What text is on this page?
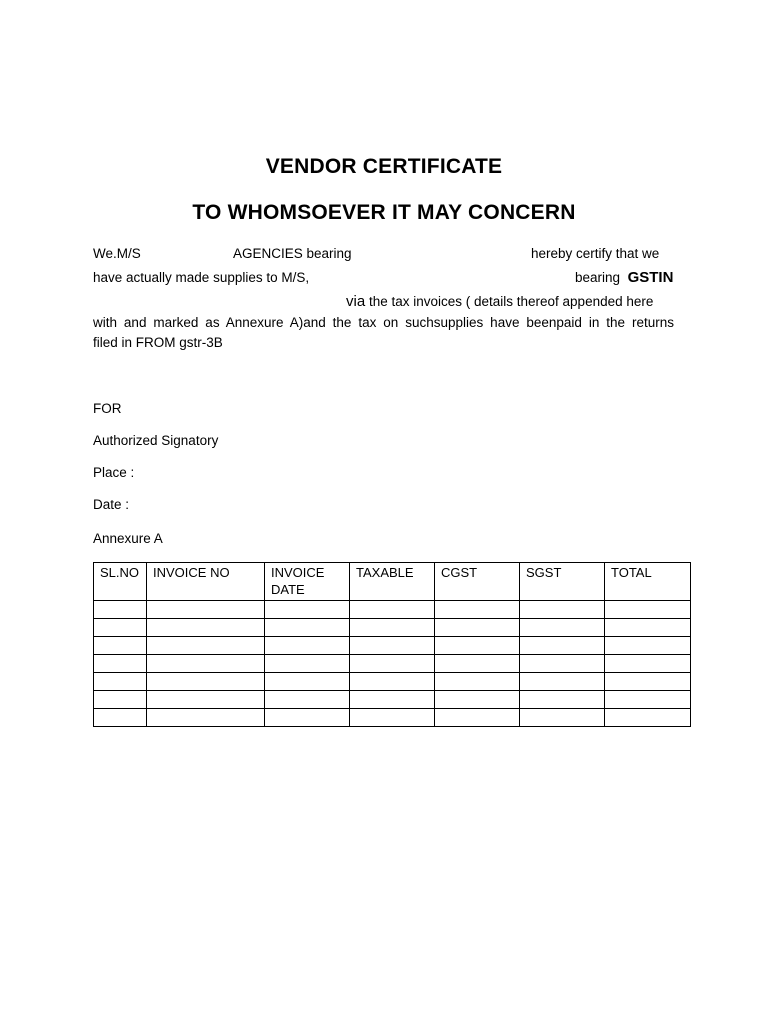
VENDOR CERTIFICATE
TO WHOMSOEVER IT MAY CONCERN
We.M/S	AGENCIES bearing	hereby certify that we
have actually made supplies to M/S,	bearing GSTIN
via the tax invoices ( details thereof appended here
with and marked as Annexure A)and the tax on suchsupplies have beenpaid in the returns
filed in FROM gstr-3B
FOR
Authorized Signatory
Place :
Date :
Annexure A
SL.NO	INVOICE NO	INVOICE DATE	TAXABLE	CGST	SGST	TOTAL
